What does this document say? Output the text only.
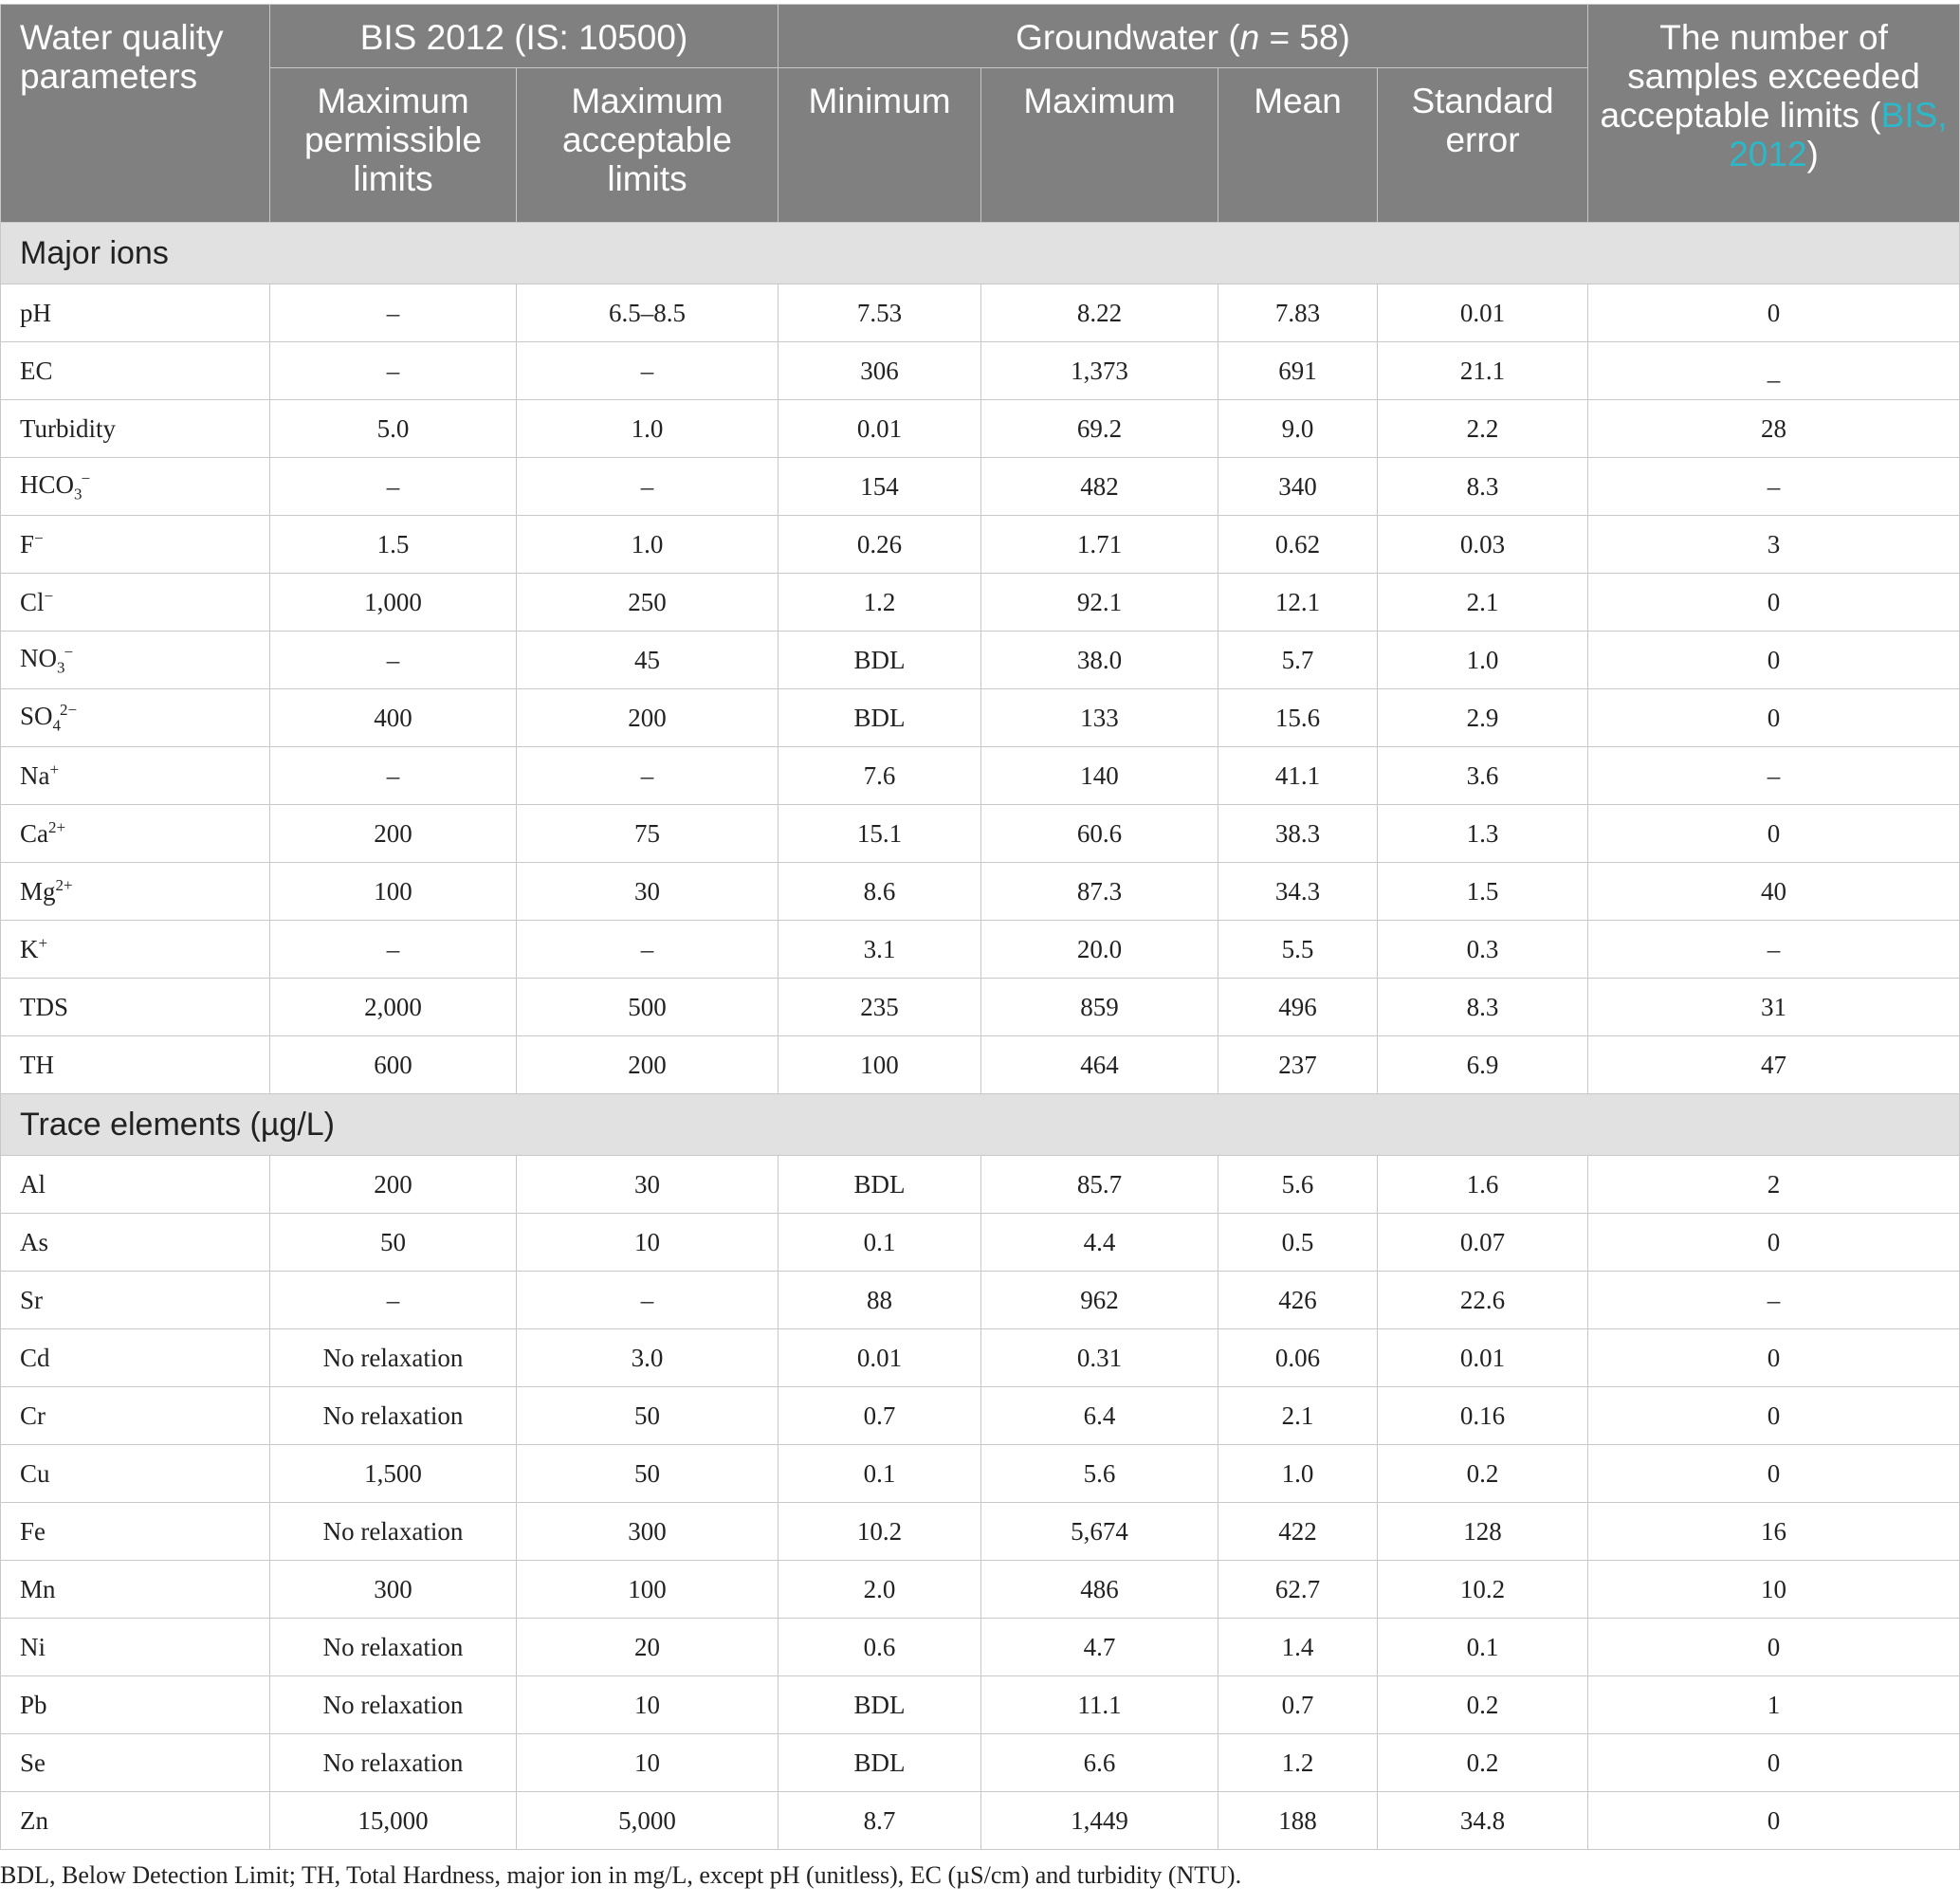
Water quality parameters	BIS 2012 (IS: 10500)		Groundwater (n = 58)				The number of samples exceeded acceptable limits (BIS, 2012)
	Maximum permissible limits	Maximum acceptable limits	Minimum	Maximum	Mean	Standard error	
Major ions							
pH	–	6.5–8.5	7.53	8.22	7.83	0.01	0
EC	–	–	306	1,373	691	21.1	_
Turbidity	5.0	1.0	0.01	69.2	9.0	2.2	28
$HCO_3^-$	–	–	154	482	340	8.3	–
F−	1.5	1.0	0.26	1.71	0.62	0.03	3
Cl−	1,000	250	1.2	92.1	12.1	2.1	0
$NO_3^-$	–	45	BDL	38.0	5.7	1.0	0
$SO_4^{2-}$	400	200	BDL	133	15.6	2.9	0
Na+	–	–	7.6	140	41.1	3.6	–
$Ca^{2+}$	200	75	15.1	60.6	38.3	1.3	0
$Mg^{2+}$	100	30	8.6	87.3	34.3	1.5	40
K+	–	–	3.1	20.0	5.5	0.3	–
TDS	2,000	500	235	859	496	8.3	31
TH	600	200	100	464	237	6.9	47
Trace elements (µg/L)							
Al	200	30	BDL	85.7	5.6	1.6	2
As	50	10	0.1	4.4	0.5	0.07	0
Sr	–	–	88	962	426	22.6	–
Cd	No relaxation	3.0	0.01	0.31	0.06	0.01	0
Cr	No relaxation	50	0.7	6.4	2.1	0.16	0
Cu	1,500	50	0.1	5.6	1.0	0.2	0
Fe	No relaxation	300	10.2	5,674	422	128	16
Mn	300	100	2.0	486	62.7	10.2	10
Ni	No relaxation	20	0.6	4.7	1.4	0.1	0
Pb	No relaxation	10	BDL	11.1	0.7	0.2	1
Se	No relaxation	10	BDL	6.6	1.2	0.2	0
Zn	15,000	5,000	8.7	1,449	188	34.8	0
BDL, Below Detection Limit; TH, Total Hardness, major ion in mg/L, except pH (unitless), EC (µS/cm) and turbidity (NTU).
